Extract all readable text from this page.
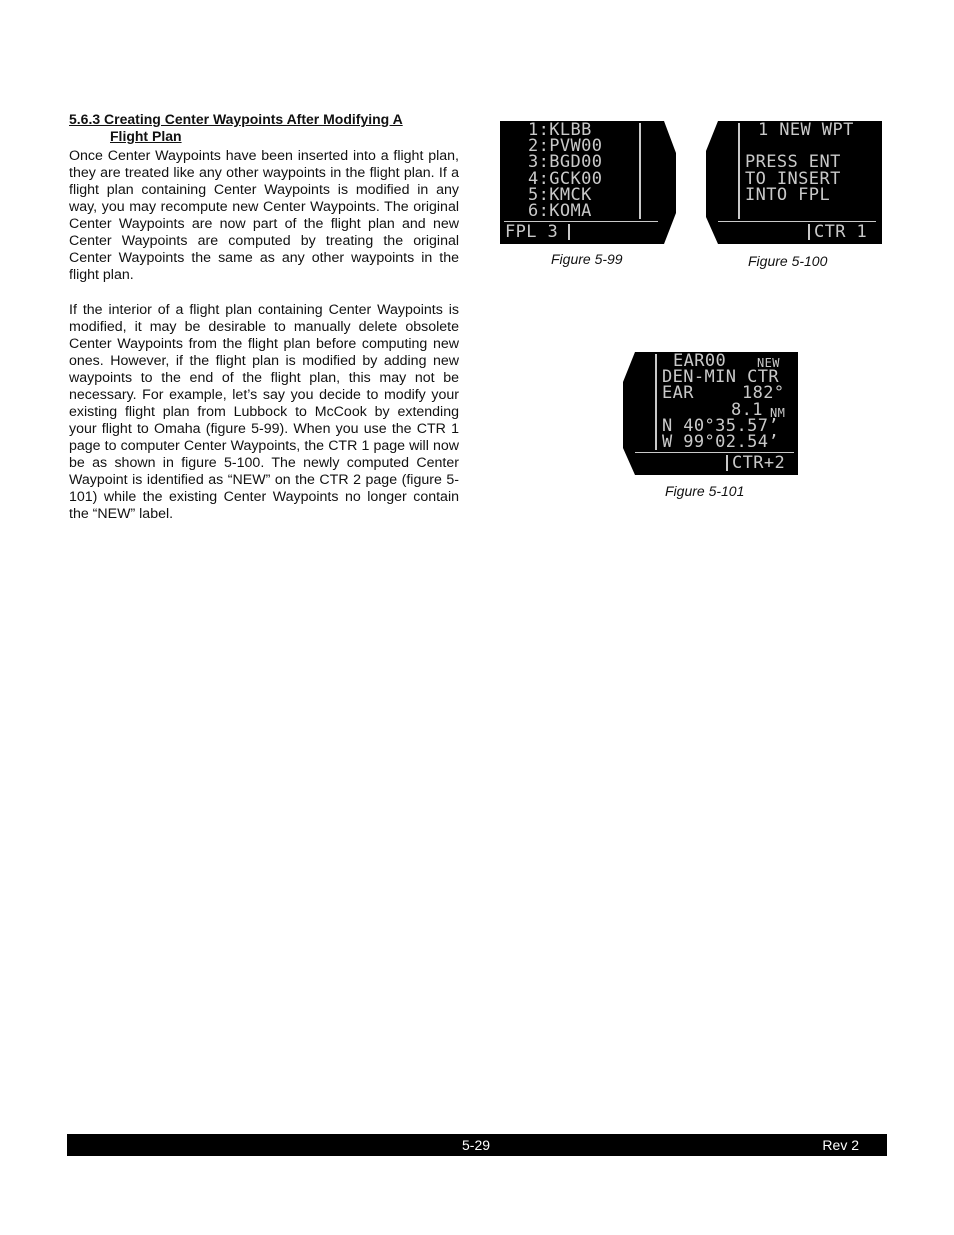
5.6.3 Creating Center Waypoints After Modifying A
Flight Plan

Once Center Waypoints have been inserted into a flight plan, they are treated like any other waypoints in the flight plan. If a flight plan containing Center Waypoints is modified in any way, you may recompute new Center Waypoints. The original Center Waypoints are now part of the flight plan and new Center Waypoints are computed by treating the original Center Waypoints the same as any other waypoints in the flight plan.

If the interior of a flight plan containing Center Waypoints is modified, it may be desirable to manually delete obsolete Center Waypoints from the flight plan before computing new ones. However, if the flight plan is modified by adding new waypoints to the end of the flight plan, this may not be necessary. For example, let’s say you decide to modify your existing flight plan from Lubbock to McCook by extending your flight to Omaha (figure 5-99). When you use the CTR 1 page to computer Center Waypoints, the CTR 1 page will now be as shown in figure 5-100. The newly computed Center Waypoint is identified as “NEW” on the CTR 2 page (figure 5-101) while the existing Center Waypoints no longer contain the “NEW” label.

1:KLBB
2:PVW00
3:BGD00
4:GCK00
5:KMCK
6:KOMA
FPL 3
1 NEW WPT
PRESS ENT
TO INSERT
INTO FPL
CTR 1
EAR00	NEW
DEN-MIN CTR
EAR	182°
8.1 NM
N 40°35.57’
W 99°02.54’
CTR+2
Figure 5-99	Figure 5-100
Figure 5-101
5-29	Rev 2
